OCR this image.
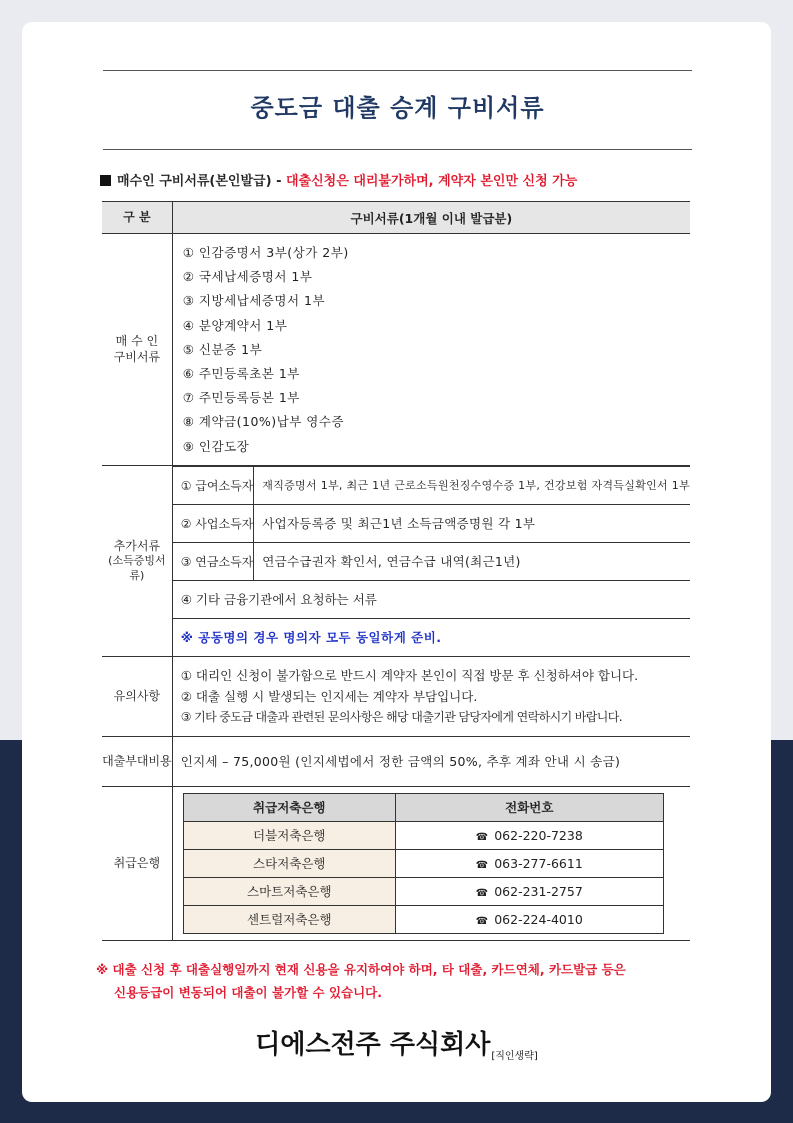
중도금 대출 승계 구비서류
매수인 구비서류(본인발급) - 대출신청은 대리불가하며, 계약자 본인만 신청 가능
구 분	구비서류(1개월 이내 발급분)

매 수 인
구비서류

① 인감증명서 3부(상가 2부)
② 국세납세증명서 1부
③ 지방세납세증명서 1부
④ 분양계약서 1부
⑤ 신분증 1부
⑥ 주민등록초본 1부
⑦ 주민등록등본 1부
⑧ 계약금(10%)납부 영수증
⑨ 인감도장

추가서류
(소득증빙서류)

① 급여소득자	재직증명서 1부, 최근 1년 근로소득원천징수영수증 1부, 건강보험 자격득실확인서 1부
② 사업소득자	사업자등록증 및 최근1년 소득금액증명원 각 1부
③ 연금소득자	연금수급권자 확인서, 연금수급 내역(최근1년)
④ 기타 금융기관에서 요청하는 서류
※ 공동명의 경우 명의자 모두 동일하게 준비.

유의사항	
① 대리인 신청이 불가함으로 반드시 계약자 본인이 직접 방문 후 신청하셔야 합니다.
② 대출 실행 시 발생되는 인지세는 계약자 부담입니다.
③ 기타 중도금 대출과 관련된 문의사항은 해당 대출기관 담당자에게 연락하시기 바랍니다.

대출부대비용	인지세 – 75,000원 (인지세법에서 정한 금액의 50%, 추후 계좌 안내 시 송금)
취급은행	
취급저축은행	전화번호
더블저축은행	☎ 062-220-7238
스타저축은행	☎ 063-277-6611
스마트저축은행	☎ 062-231-2757
센트럴저축은행	☎ 062-224-4010
※ 대출 신청 후 대출실행일까지 현재 신용을 유지하여야 하며, 타 대출, 카드연체, 카드발급 등은
신용등급이 변동되어 대출이 불가할 수 있습니다.
디에스전주 주식회사$_{[직인생략]}$
